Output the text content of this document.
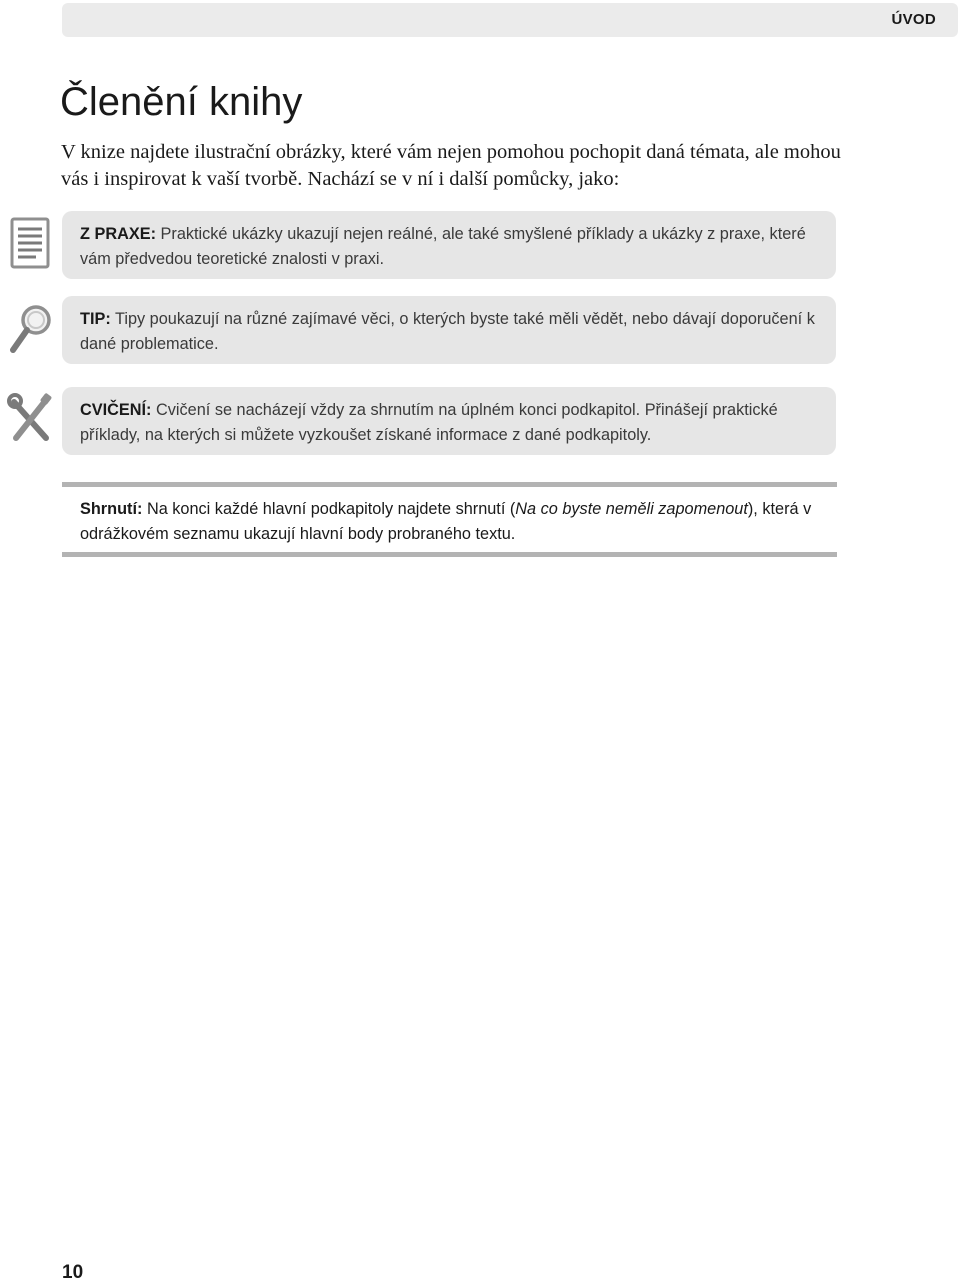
ÚVOD
Členění knihy

V knize najdete ilustrační obrázky, které vám nejen pomohou pochopit daná témata, ale mohou vás i inspirovat k vaší tvorbě. Nachází se v ní i další pomůcky, jako:

Z PRAXE: Praktické ukázky ukazují nejen reálné, ale také smyšlené příklady a ukázky z praxe, které vám předvedou teoretické znalosti v praxi.
TIP: Tipy poukazují na různé zajímavé věci, o kterých byste také měli vědět, nebo dávají doporučení k dané problematice.
CVIČENÍ: Cvičení se nacházejí vždy za shrnutím na úplném konci podkapitol. Přinášejí praktické příklady, na kterých si můžete vyzkoušet získané informace z dané podkapitoly.
Shrnutí: Na konci každé hlavní podkapitoly najdete shrnutí (Na co byste neměli zapomenout), která v odrážkovém seznamu ukazují hlavní body probraného textu.
10
